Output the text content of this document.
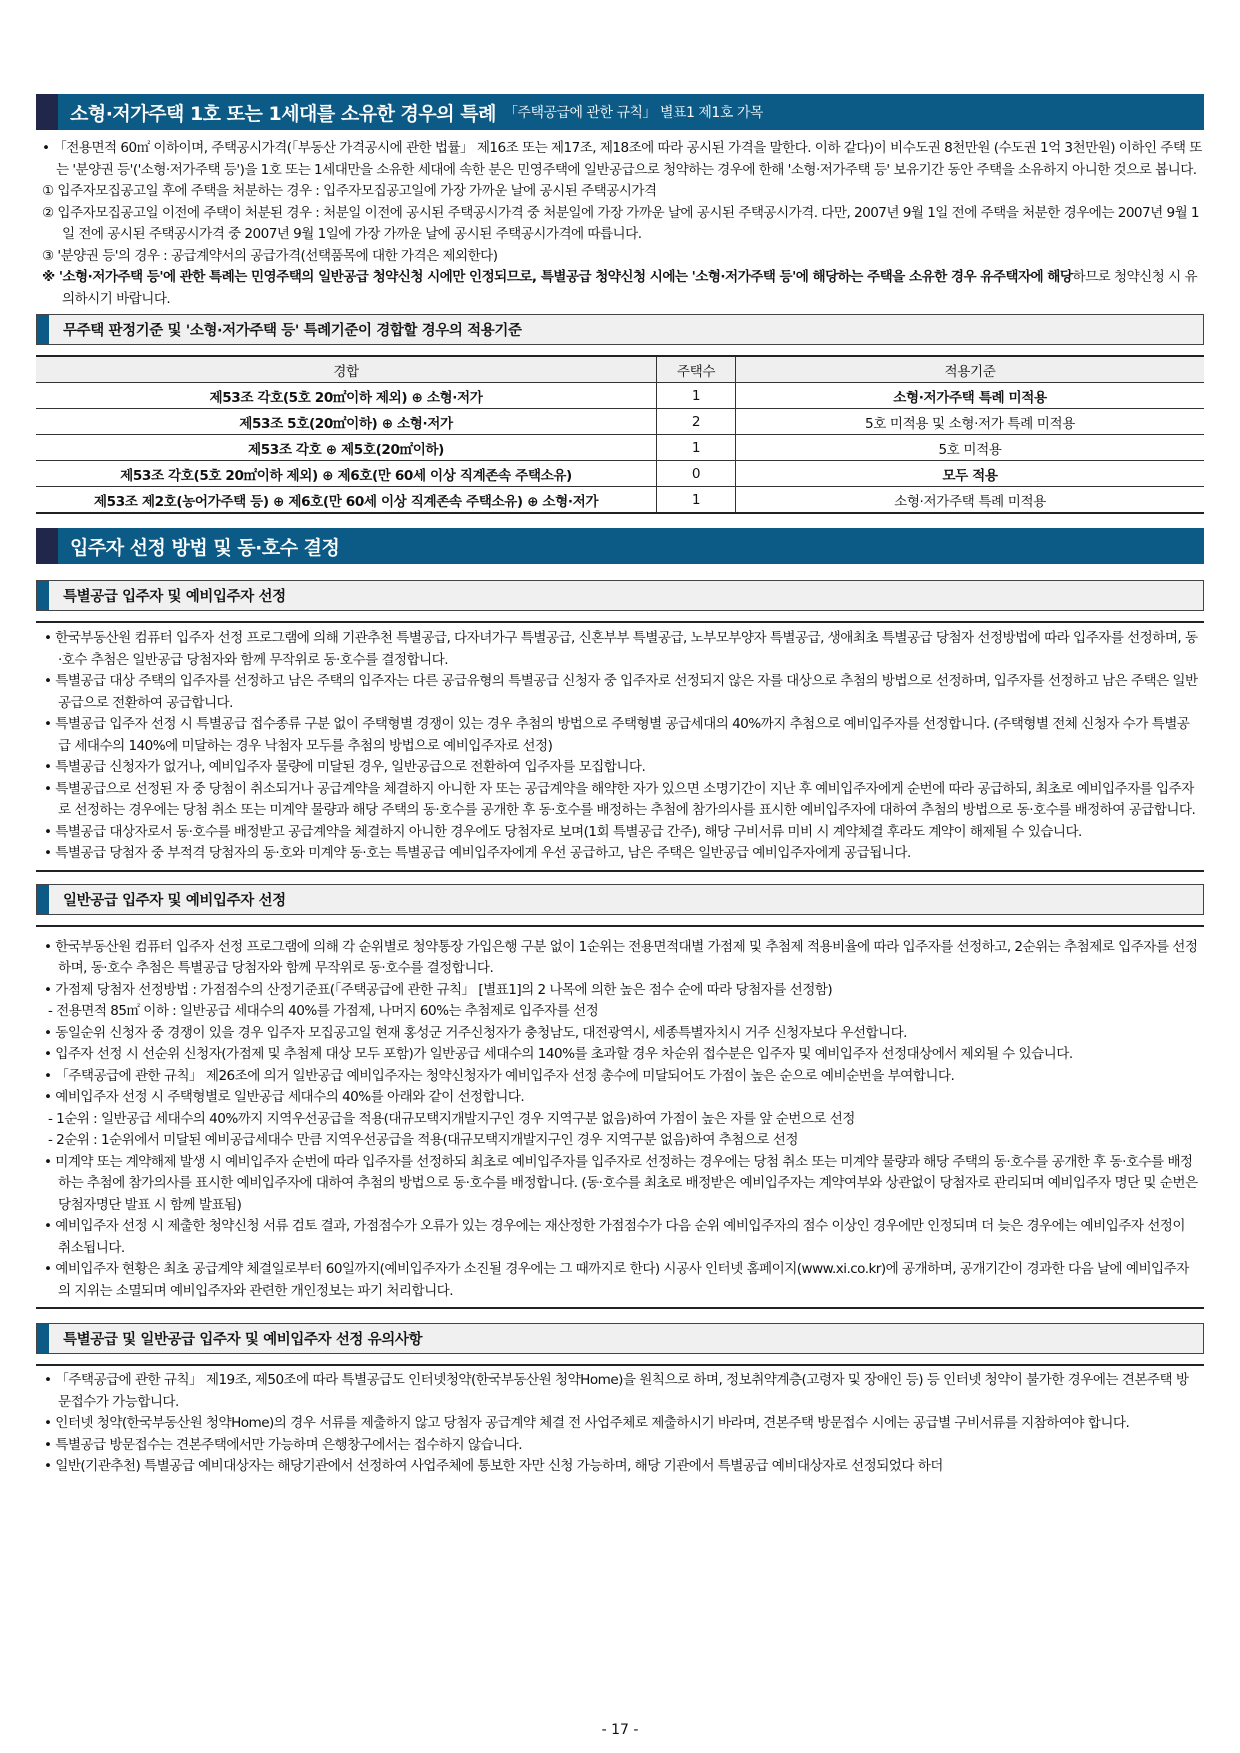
소형·저가주택 1호 또는 1세대를 소유한 경우의 특례 「주택공급에 관한 규칙」 별표1 제1호 가목

• 「전용면적 60㎡ 이하이며, 주택공시가격(「부동산 가격공시에 관한 법률」 제16조 또는 제17조, 제18조에 따라 공시된 가격을 말한다. 이하 같다)이 비수도권 8천만원 (수도권 1억 3천만원) 이하인 주택 또는 '분양권 등'('소형·저가주택 등')을 1호 또는 1세대만을 소유한 세대에 속한 분은 민영주택에 일반공급으로 청약하는 경우에 한해 '소형·저가주택 등' 보유기간 동안 주택을 소유하지 아니한 것으로 봅니다.

① 입주자모집공고일 후에 주택을 처분하는 경우 : 입주자모집공고일에 가장 가까운 날에 공시된 주택공시가격

② 입주자모집공고일 이전에 주택이 처분된 경우 : 처분일 이전에 공시된 주택공시가격 중 처분일에 가장 가까운 날에 공시된 주택공시가격. 다만, 2007년 9월 1일 전에 주택을 처분한 경우에는 2007년 9월 1일 전에 공시된 주택공시가격 중 2007년 9월 1일에 가장 가까운 날에 공시된 주택공시가격에 따릅니다.

③ '분양권 등'의 경우 : 공급계약서의 공급가격(선택품목에 대한 가격은 제외한다)

※ '소형·저가주택 등'에 관한 특례는 민영주택의 일반공급 청약신청 시에만 인정되므로, 특별공급 청약신청 시에는 '소형·저가주택 등'에 해당하는 주택을 소유한 경우 유주택자에 해당하므로 청약신청 시 유의하시기 바랍니다.

무주택 판정기준 및 '소형·저가주택 등' 특례기준이 경합할 경우의 적용기준
경합	주택수	적용기준
제53조 각호(5호 20㎡이하 제외) ⊕ 소형·저가	1	소형·저가주택 특례 미적용
제53조 5호(20㎡이하) ⊕ 소형·저가	2	5호 미적용 및 소형·저가 특례 미적용
제53조 각호 ⊕ 제5호(20㎡이하)	1	5호 미적용
제53조 각호(5호 20㎡이하 제외) ⊕ 제6호(만 60세 이상 직계존속 주택소유)	0	모두 적용
제53조 제2호(농어가주택 등) ⊕ 제6호(만 60세 이상 직계존속 주택소유) ⊕ 소형·저가	1	소형·저가주택 특례 미적용
입주자 선정 방법 및 동·호수 결정
특별공급 입주자 및 예비입주자 선정

• 한국부동산원 컴퓨터 입주자 선정 프로그램에 의해 기관추천 특별공급, 다자녀가구 특별공급, 신혼부부 특별공급, 노부모부양자 특별공급, 생애최초 특별공급 당첨자 선정방법에 따라 입주자를 선정하며, 동·호수 추첨은 일반공급 당첨자와 함께 무작위로 동·호수를 결정합니다.

• 특별공급 대상 주택의 입주자를 선정하고 남은 주택의 입주자는 다른 공급유형의 특별공급 신청자 중 입주자로 선정되지 않은 자를 대상으로 추첨의 방법으로 선정하며, 입주자를 선정하고 남은 주택은 일반공급으로 전환하여 공급합니다.

• 특별공급 입주자 선정 시 특별공급 접수종류 구분 없이 주택형별 경쟁이 있는 경우 추첨의 방법으로 주택형별 공급세대의 40%까지 추첨으로 예비입주자를 선정합니다. (주택형별 전체 신청자 수가 특별공급 세대수의 140%에 미달하는 경우 낙첨자 모두를 추첨의 방법으로 예비입주자로 선정)

• 특별공급 신청자가 없거나, 예비입주자 물량에 미달된 경우, 일반공급으로 전환하여 입주자를 모집합니다.

• 특별공급으로 선정된 자 중 당첨이 취소되거나 공급계약을 체결하지 아니한 자 또는 공급계약을 해약한 자가 있으면 소명기간이 지난 후 예비입주자에게 순번에 따라 공급하되, 최초로 예비입주자를 입주자로 선정하는 경우에는 당첨 취소 또는 미계약 물량과 해당 주택의 동·호수를 공개한 후 동·호수를 배정하는 추첨에 참가의사를 표시한 예비입주자에 대하여 추첨의 방법으로 동·호수를 배정하여 공급합니다.

• 특별공급 대상자로서 동·호수를 배정받고 공급계약을 체결하지 아니한 경우에도 당첨자로 보며(1회 특별공급 간주), 해당 구비서류 미비 시 계약체결 후라도 계약이 해제될 수 있습니다.

• 특별공급 당첨자 중 부적격 당첨자의 동·호와 미계약 동·호는 특별공급 예비입주자에게 우선 공급하고, 남은 주택은 일반공급 예비입주자에게 공급됩니다.

일반공급 입주자 및 예비입주자 선정

• 한국부동산원 컴퓨터 입주자 선정 프로그램에 의해 각 순위별로 청약통장 가입은행 구분 없이 1순위는 전용면적대별 가점제 및 추첨제 적용비율에 따라 입주자를 선정하고, 2순위는 추첨제로 입주자를 선정하며, 동·호수 추첨은 특별공급 당첨자와 함께 무작위로 동·호수를 결정합니다.

• 가점제 당첨자 선정방법 : 가점점수의 산정기준표(「주택공급에 관한 규칙」 [별표1]의 2 나목에 의한 높은 점수 순에 따라 당첨자를 선정함)

- 전용면적 85㎡ 이하 : 일반공급 세대수의 40%를 가점제, 나머지 60%는 추첨제로 입주자를 선정

• 동일순위 신청자 중 경쟁이 있을 경우 입주자 모집공고일 현재 홍성군 거주신청자가 충청남도, 대전광역시, 세종특별자치시 거주 신청자보다 우선합니다.

• 입주자 선정 시 선순위 신청자(가점제 및 추첨제 대상 모두 포함)가 일반공급 세대수의 140%를 초과할 경우 차순위 접수분은 입주자 및 예비입주자 선정대상에서 제외될 수 있습니다.

• 「주택공급에 관한 규칙」 제26조에 의거 일반공급 예비입주자는 청약신청자가 예비입주자 선정 총수에 미달되어도 가점이 높은 순으로 예비순번을 부여합니다.

• 예비입주자 선정 시 주택형별로 일반공급 세대수의 40%를 아래와 같이 선정합니다.

- 1순위 : 일반공급 세대수의 40%까지 지역우선공급을 적용(대규모택지개발지구인 경우 지역구분 없음)하여 가점이 높은 자를 앞 순번으로 선정

- 2순위 : 1순위에서 미달된 예비공급세대수 만큼 지역우선공급을 적용(대규모택지개발지구인 경우 지역구분 없음)하여 추첨으로 선정

• 미계약 또는 계약해제 발생 시 예비입주자 순번에 따라 입주자를 선정하되 최초로 예비입주자를 입주자로 선정하는 경우에는 당첨 취소 또는 미계약 물량과 해당 주택의 동·호수를 공개한 후 동·호수를 배정하는 추첨에 참가의사를 표시한 예비입주자에 대하여 추첨의 방법으로 동·호수를 배정합니다. (동·호수를 최초로 배정받은 예비입주자는 계약여부와 상관없이 당첨자로 관리되며 예비입주자 명단 및 순번은 당첨자명단 발표 시 함께 발표됨)

• 예비입주자 선정 시 제출한 청약신청 서류 검토 결과, 가점점수가 오류가 있는 경우에는 재산정한 가점점수가 다음 순위 예비입주자의 점수 이상인 경우에만 인정되며 더 늦은 경우에는 예비입주자 선정이 취소됩니다.

• 예비입주자 현황은 최초 공급계약 체결일로부터 60일까지(예비입주자가 소진될 경우에는 그 때까지로 한다) 시공사 인터넷 홈페이지(www.xi.co.kr)에 공개하며, 공개기간이 경과한 다음 날에 예비입주자의 지위는 소멸되며 예비입주자와 관련한 개인정보는 파기 처리합니다.

특별공급 및 일반공급 입주자 및 예비입주자 선정 유의사항

• 「주택공급에 관한 규칙」 제19조, 제50조에 따라 특별공급도 인터넷청약(한국부동산원 청약Home)을 원칙으로 하며, 정보취약계층(고령자 및 장애인 등) 등 인터넷 청약이 불가한 경우에는 견본주택 방문접수가 가능합니다.

• 인터넷 청약(한국부동산원 청약Home)의 경우 서류를 제출하지 않고 당첨자 공급계약 체결 전 사업주체로 제출하시기 바라며, 견본주택 방문접수 시에는 공급별 구비서류를 지참하여야 합니다.

• 특별공급 방문접수는 견본주택에서만 가능하며 은행창구에서는 접수하지 않습니다.

• 일반(기관추천) 특별공급 예비대상자는 해당기관에서 선정하여 사업주체에 통보한 자만 신청 가능하며, 해당 기관에서 특별공급 예비대상자로 선정되었다 하더

- 17 -
